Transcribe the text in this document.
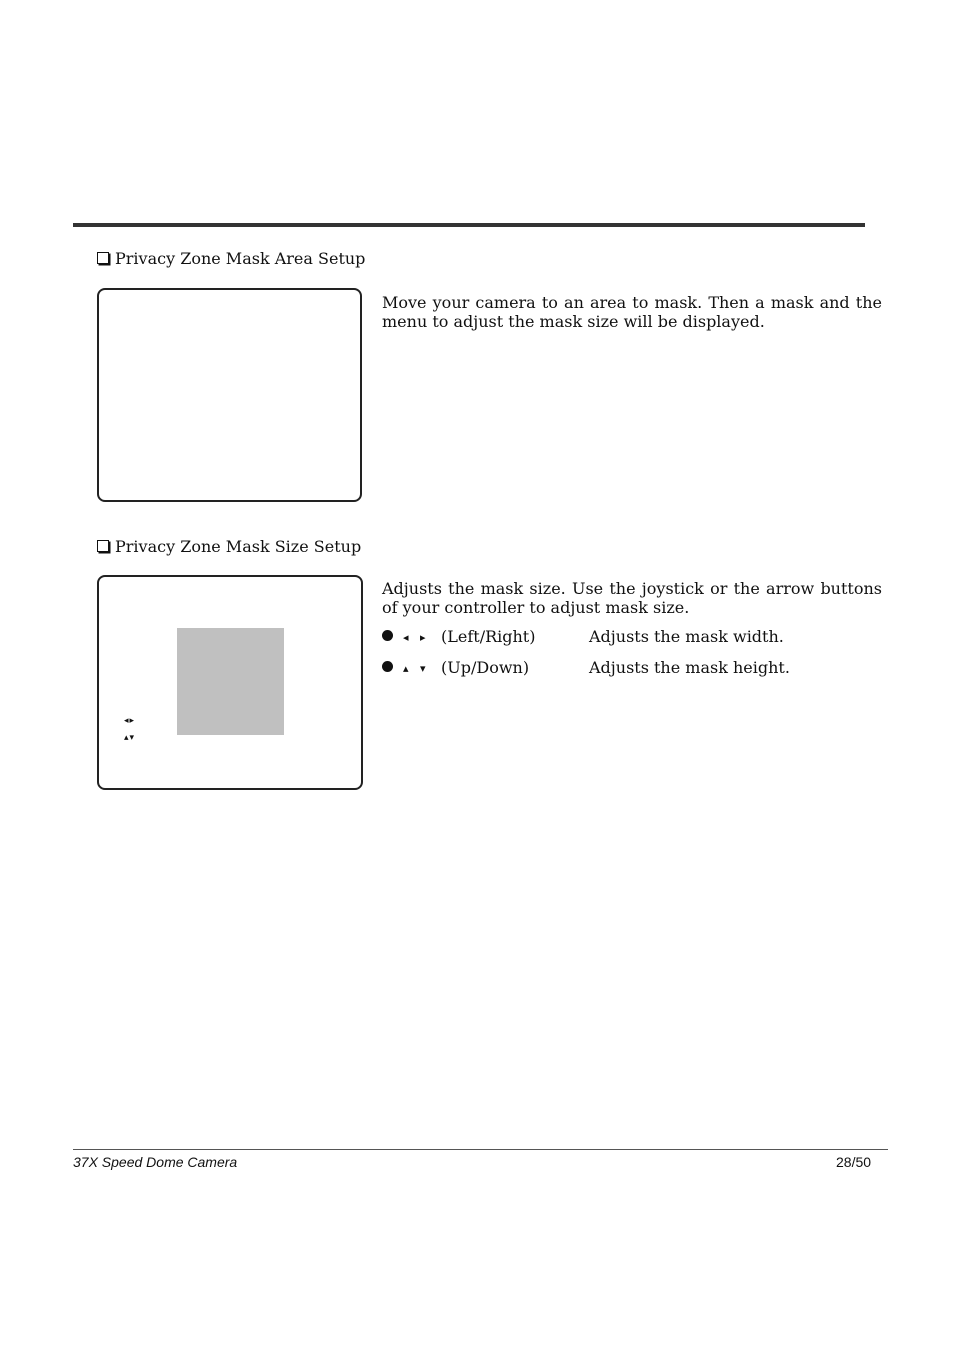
Privacy Zone Mask Area Setup
Move your camera to an area to mask. Then a mask and the menu to adjust the mask size will be displayed.
Privacy Zone Mask Size Setup
◂▸
▴▾
Adjusts the mask size. Use the joystick or the arrow buttons of your controller to adjust mask size.
◂ ▸ (Left/Right)	Adjusts the mask width.
▴ ▾ (Up/Down)	Adjusts the mask height.
37X Speed Dome Camera	28/50
